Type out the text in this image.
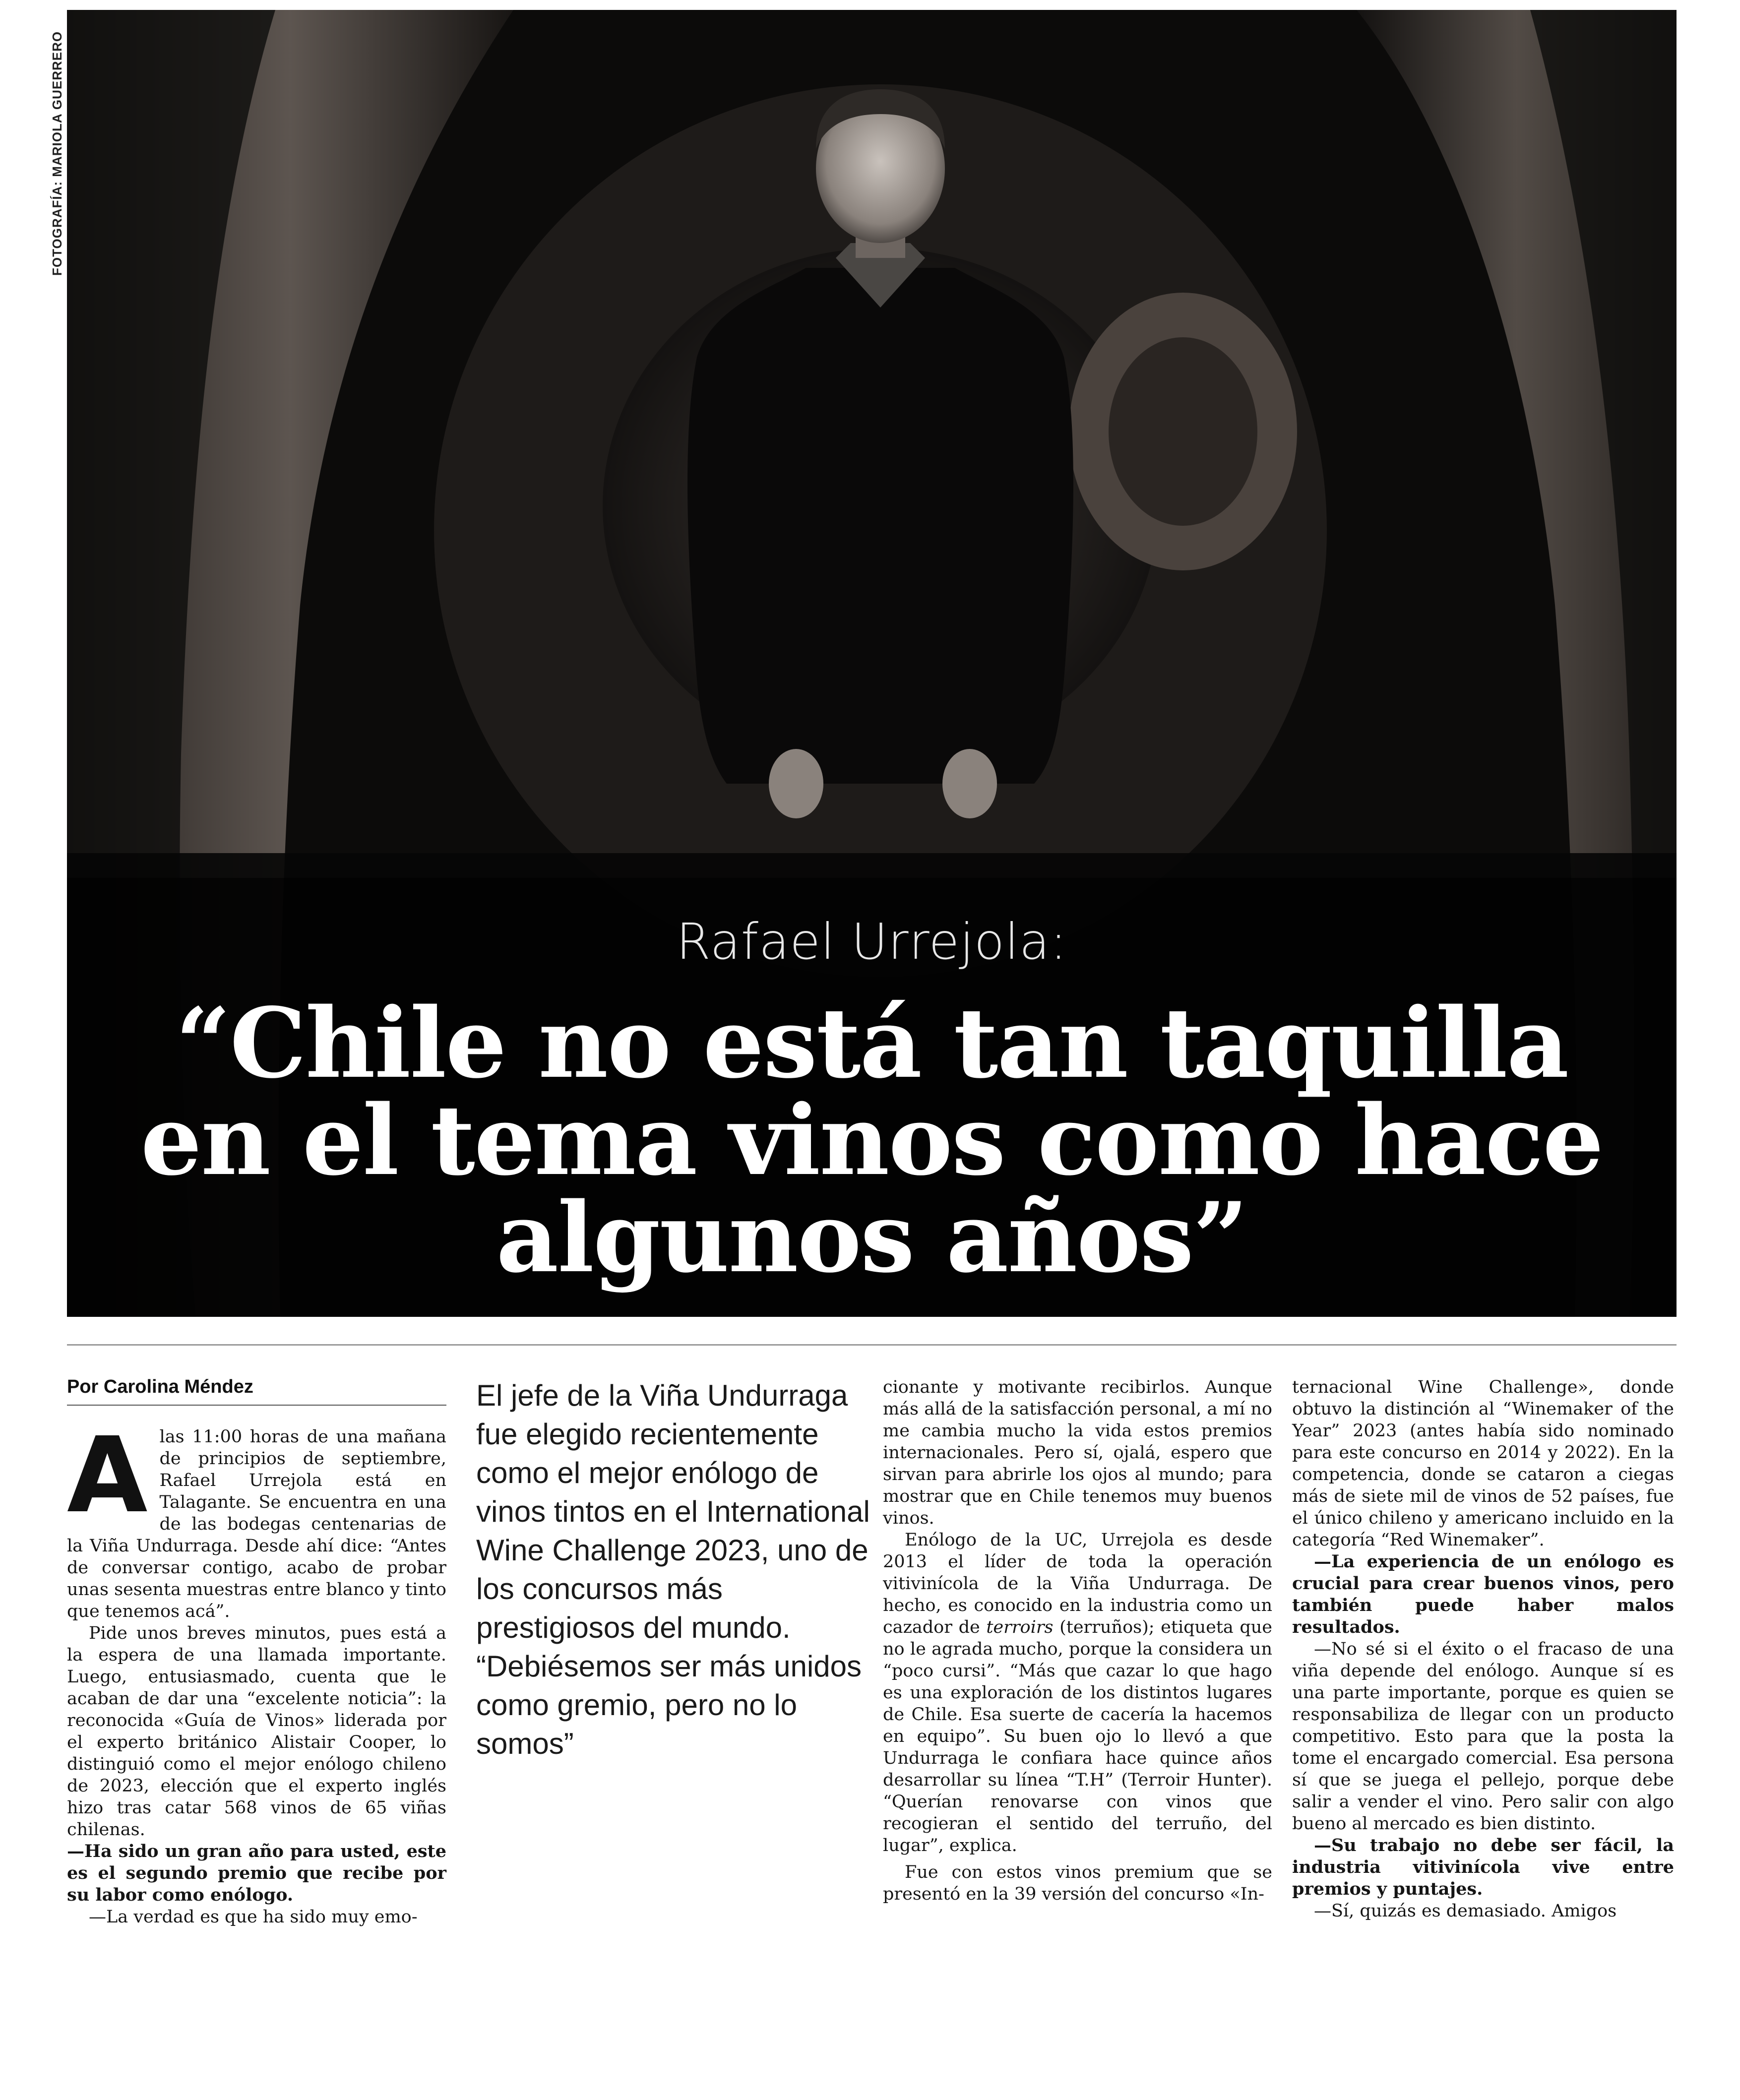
FOTOGRAFÍA: MARIOLA GUERRERO
Rafael Urrejola:
“Chile no está tan taquilla en el tema vinos como hace algunos años”
Por Carolina Méndez
A las 11:00 horas de una mañana de principios de septiembre, Rafael Urrejola está en Talagante. Se encuentra en una de las bodegas centenarias de la Viña Undurraga. Desde ahí dice: “Antes de conversar contigo, acabo de probar unas sesenta muestras entre blanco y tinto que tenemos acá”.

Pide unos breves minutos, pues está a la espera de una llamada importante. Luego, entusiasmado, cuenta que le acaban de dar una “excelente noticia”: la reconocida «Guía de Vinos» liderada por el experto británico Alistair Cooper, lo distinguió como el mejor enólogo chileno de 2023, elección que el experto inglés hizo tras catar 568 vinos de 65 viñas chilenas.

—Ha sido un gran año para usted, este es el segundo premio que recibe por su labor como enólogo.

—La verdad es que ha sido muy emo-

El jefe de la Viña Undurraga fue elegido recientemente como el mejor enólogo de vinos tintos en el International Wine Challenge 2023, uno de los concursos más prestigiosos del mundo. “Debiésemos ser más unidos como gremio, pero no lo somos”

cionante y motivante recibirlos. Aunque más allá de la satisfacción personal, a mí no me cambia mucho la vida estos premios internacionales. Pero sí, ojalá, espero que sirvan para abrirle los ojos al mundo; para mostrar que en Chile tenemos muy buenos vinos.

Enólogo de la UC, Urrejola es desde 2013 el líder de toda la operación vitivinícola de la Viña Undurraga. De hecho, es conocido en la industria como un cazador de terroirs (terruños); etiqueta que no le agrada mucho, porque la considera un “poco cursi”. “Más que cazar lo que hago es una exploración de los distintos lugares de Chile. Esa suerte de cacería la hacemos en equipo”. Su buen ojo lo llevó a que Undurraga le confiara hace quince años desarrollar su línea “T.H” (Terroir Hunter). “Querían renovarse con vinos que recogieran el sentido del terruño, del lugar”, explica.

Fue con estos vinos premium que se presentó en la 39 versión del concurso «In-

ternacional Wine Challenge», donde obtuvo la distinción al “Winemaker of the Year” 2023 (antes había sido nominado para este concurso en 2014 y 2022). En la competencia, donde se cataron a ciegas más de siete mil de vinos de 52 países, fue el único chileno y americano incluido en la categoría “Red Winemaker”.

—La experiencia de un enólogo es crucial para crear buenos vinos, pero también puede haber malos resultados.

—No sé si el éxito o el fracaso de una viña depende del enólogo. Aunque sí es una parte importante, porque es quien se responsabiliza de llegar con un producto competitivo. Esto para que la posta la tome el encargado comercial. Esa persona sí que se juega el pellejo, porque debe salir a vender el vino. Pero salir con algo bueno al mercado es bien distinto.

—Su trabajo no debe ser fácil, la industria vitivinícola vive entre premios y puntajes.

—Sí, quizás es demasiado. Amigos
